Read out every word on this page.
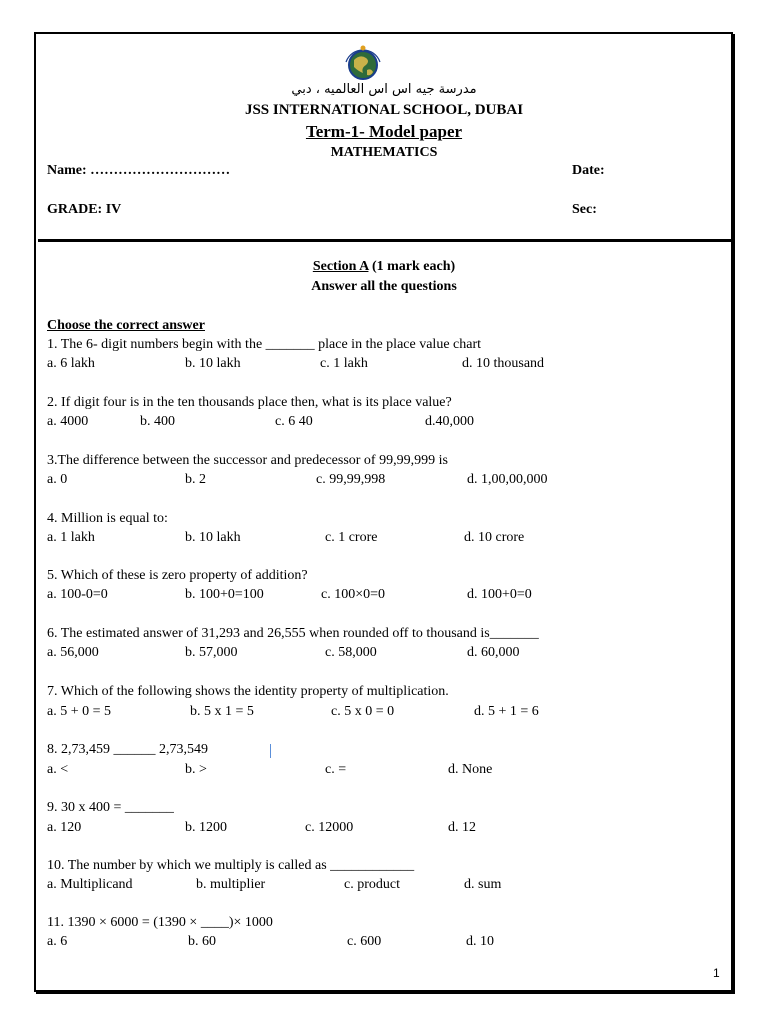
مدرسة جيه اس اس العالميه ، دبي
JSS INTERNATIONAL SCHOOL, DUBAI
Term-1- Model paper
MATHEMATICS
Name: …………………………	Date:
GRADE: IV	Sec:
Section A (1 mark each)
Answer all the questions
Choose the correct answer
1. The 6- digit numbers begin with the _______ place in the place value chart
a. 6 lakh	b. 10 lakh	c. 1 lakh	d. 10 thousand
2. If digit four is in the ten thousands place then, what is its place value?
a. 4000	b. 400	c. 6 40	d.40,000
3.The difference between the successor and predecessor of 99,99,999 is
a. 0	b. 2	c. 99,99,998	d. 1,00,00,000
4. Million is equal to:
a. 1 lakh	b. 10 lakh	c. 1 crore	d. 10 crore
5. Which of these is zero property of addition?
a. 100-0=0	b. 100+0=100	c. 100×0=0	d. 100+0=0
6. The estimated answer of 31,293 and 26,555 when rounded off to thousand is_______
a. 56,000	b. 57,000	c. 58,000	d. 60,000
7. Which of the following shows the identity property of multiplication.
a. 5 + 0 = 5	b. 5 x 1 = 5	c. 5 x 0 = 0	d. 5 + 1 = 6
8. 2,73,459 ______ 2,73,549
a. <	b. >	c. =	d. None
9. 30 x 400 = _______
a. 120	b. 1200	c. 12000	d. 12
10. The number by which we multiply is called as ____________
a. Multiplicand	b. multiplier	c. product	d. sum
11. 1390 × 6000 = (1390 × ____)× 1000
a. 6	b. 60	c. 600	d. 10
1
